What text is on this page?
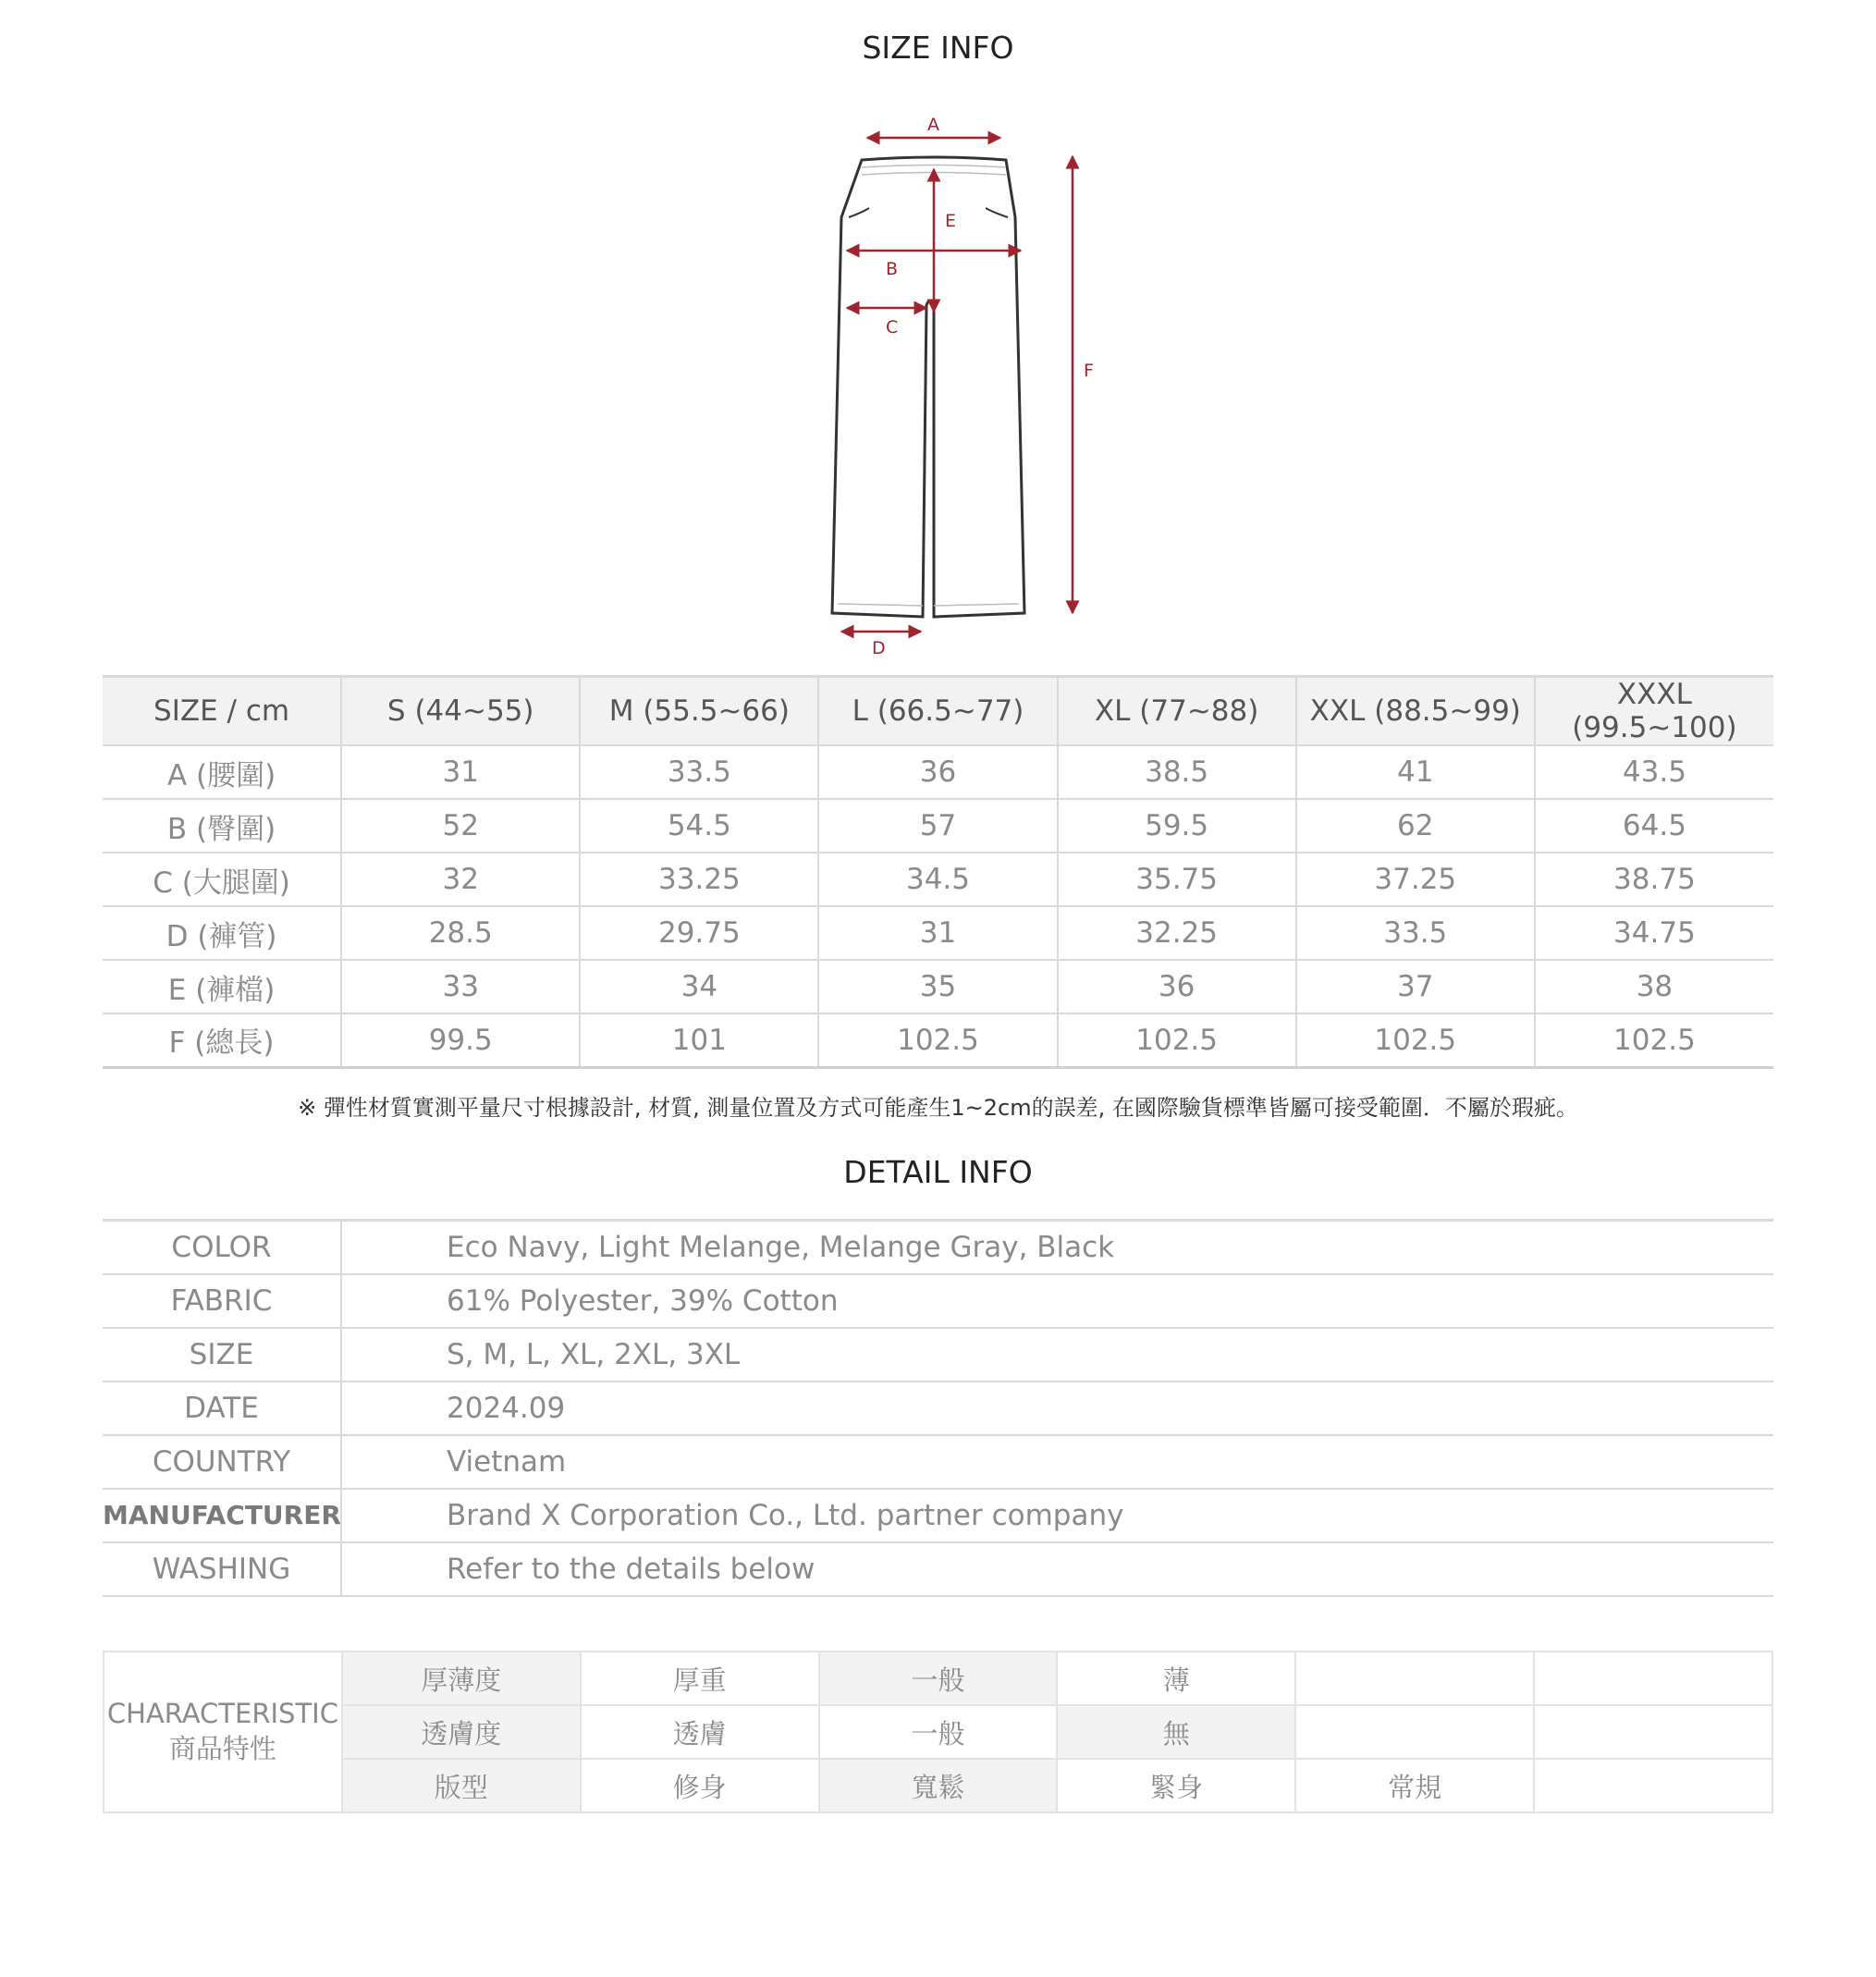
SIZE INFO
A
B
C
D
E
F
SIZE / cm	S (44~55)	M (55.5~66)	L (66.5~77)	XL (77~88)	XXL (88.5~99)	XXXL (99.5~100)
A (腰圍)	31	33.5	36	38.5	41	43.5
B (臀圍)	52	54.5	57	59.5	62	64.5
C (大腿圍)	32	33.25	34.5	35.75	37.25	38.75
D (褲管)	28.5	29.75	31	32.25	33.5	34.75
E (褲檔)	33	34	35	36	37	38
F (總長)	99.5	101	102.5	102.5	102.5	102.5
※ 彈性材質實測平量尺寸根據設計, 材質, 測量位置及方式可能產生1~2cm的誤差, 在國際驗貨標準皆屬可接受範圍．不屬於瑕疵。
DETAIL INFO
COLOR	Eco Navy, Light Melange, Melange Gray, Black
FABRIC	61% Polyester, 39% Cotton
SIZE	S, M, L, XL, 2XL, 3XL
DATE	2024.09
COUNTRY	Vietnam
MANUFACTURER	Brand X Corporation Co., Ltd. partner company
WASHING	Refer to the details below
CHARACTERISTIC
商品特性	厚薄度	厚重	一般	薄		
	透膚度	透膚	一般	無		
	版型	修身	寬鬆	緊身	常規	
